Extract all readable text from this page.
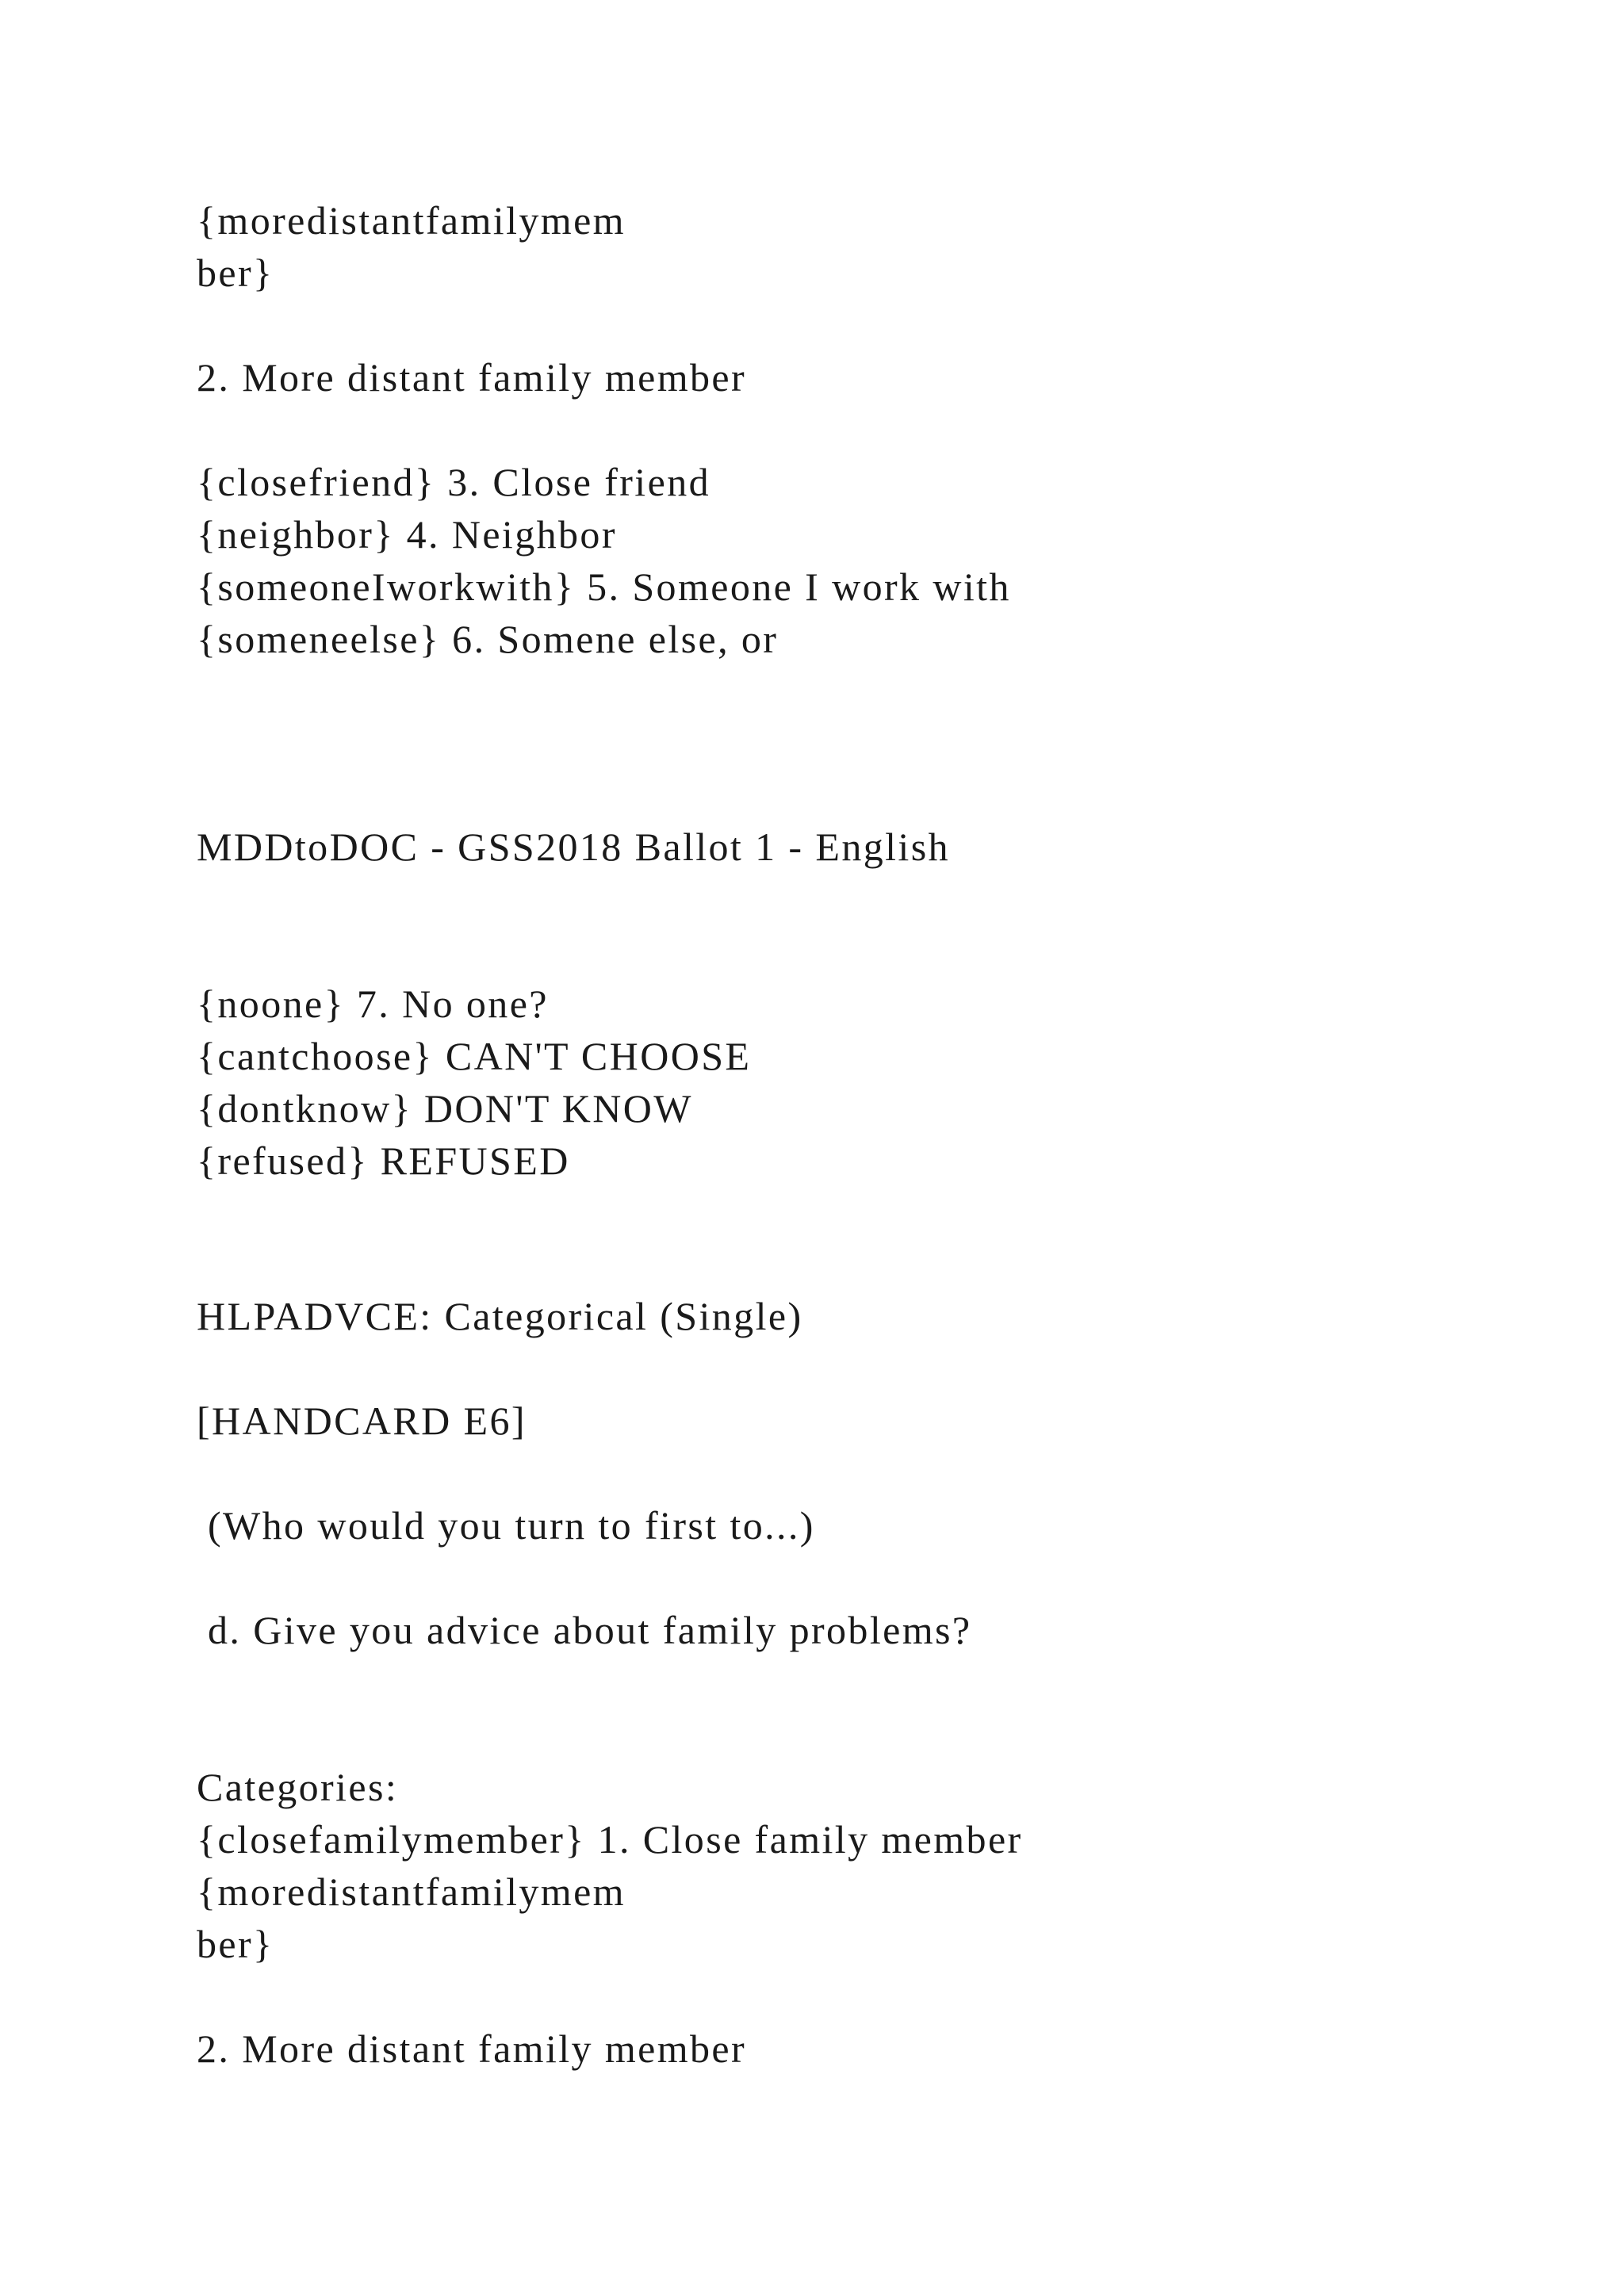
{moredistantfamilymem

ber}

2. More distant family member

{closefriend} 3. Close friend

{neighbor} 4. Neighbor

{someoneIworkwith} 5. Someone I work with

{someneelse} 6. Somene else, or

MDDtoDOC - GSS2018 Ballot 1 - English

{noone} 7. No one?

{cantchoose} CAN'T CHOOSE

{dontknow} DON'T KNOW

{refused} REFUSED

HLPADVCE: Categorical (Single)

[HANDCARD E6]

(Who would you turn to first to...)

d. Give you advice about family problems?

Categories:

{closefamilymember} 1. Close family member

{moredistantfamilymem

ber}

2. More distant family member
